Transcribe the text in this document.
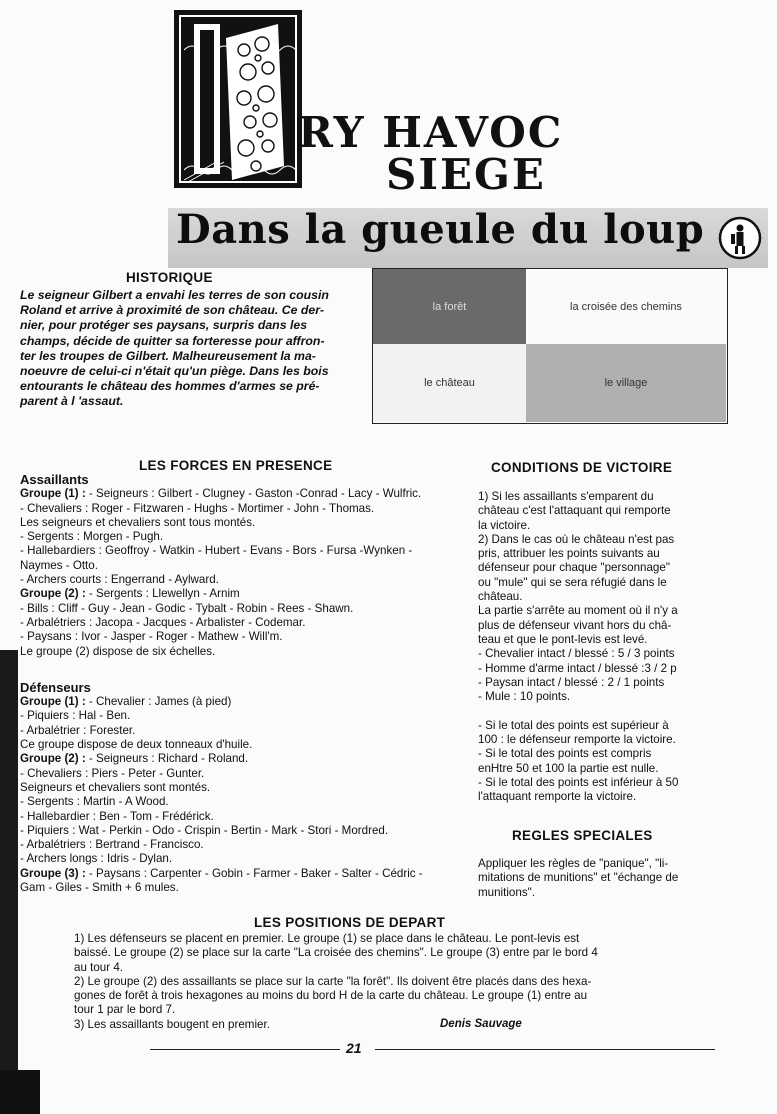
RY HAVOC
SIEGE
Dans la gueule du loup
HISTORIQUE
Le seigneur Gilbert a envahi les terres de son cousin
Roland et arrive à proximité de son château. Ce der-
nier, pour protéger ses paysans, surpris dans les
champs, décide de quitter sa forteresse pour affron-
ter les troupes de Gilbert. Malheureusement la ma-
noeuvre de celui-ci n'était qu'un piège. Dans les bois
entourants le château des hommes d'armes se pré-
parent à l 'assaut.
la forêt	la croisée des chemins
le château	le village
LES FORCES EN PRESENCE
Assaillants
Groupe (1) : - Seigneurs : Gilbert - Clugney - Gaston -Conrad - Lacy - Wulfric.
- Chevaliers : Roger - Fitzwaren - Hughs - Mortimer - John - Thomas.
Les seigneurs et chevaliers sont tous montés.
- Sergents : Morgen - Pugh.
- Hallebardiers : Geoffroy - Watkin - Hubert - Evans - Bors - Fursa -Wynken -
Naymes - Otto.
- Archers courts : Engerrand - Aylward.
Groupe (2) : - Sergents : Llewellyn - Arnim
- Bills : Cliff - Guy - Jean - Godic - Tybalt - Robin - Rees - Shawn.
- Arbalétriers : Jacopa - Jacques - Arbalister - Codemar.
- Paysans : Ivor - Jasper - Roger - Mathew - Will'm.
Le groupe (2) dispose de six échelles.
Défenseurs
Groupe (1) : - Chevalier : James (à pied)
- Piquiers : Hal - Ben.
- Arbalétrier : Forester.
Ce groupe dispose de deux tonneaux d'huile.
Groupe (2) : - Seigneurs : Richard - Roland.
- Chevaliers : Piers - Peter - Gunter.
Seigneurs et chevaliers sont montés.
- Sergents : Martin - A Wood.
- Hallebardier : Ben - Tom - Frédérick.
- Piquiers : Wat - Perkin - Odo - Crispin - Bertin - Mark - Stori - Mordred.
- Arbalétriers : Bertrand - Francisco.
- Archers longs : Idris - Dylan.
Groupe (3) : - Paysans : Carpenter - Gobin - Farmer - Baker - Salter - Cédric -
Gam - Giles - Smith + 6 mules.
CONDITIONS DE VICTOIRE
1) Si les assaillants s'emparent du
château c'est l'attaquant qui remporte
la victoire.
2) Dans le cas où le château n'est pas
pris, attribuer les points suivants au
défenseur pour chaque "personnage"
ou "mule" qui se sera réfugié dans le
château.
La partie s'arrête au moment où il n'y a
plus de défenseur vivant hors du châ-
teau et que le pont-levis est levé.
- Chevalier intact / blessé : 5 / 3 points
- Homme d'arme intact / blessé :3 / 2 p
- Paysan intact / blessé : 2 / 1 points
- Mule : 10 points.

- Si le total des points est supérieur à
100 : le défenseur remporte la victoire.
- Si le total des points est compris
enHtre 50 et 100 la partie est nulle.
- Si le total des points est inférieur à 50
l'attaquant remporte la victoire.
REGLES SPECIALES
Appliquer les règles de "panique", "li-
mitations de munitions" et "échange de
munitions".
LES POSITIONS DE DEPART
1) Les défenseurs se placent en premier. Le groupe (1) se place dans le château. Le pont-levis est
baissé. Le groupe (2) se place sur la carte "La croisée des chemins". Le groupe (3) entre par le bord 4
au tour 4.
2) Le groupe (2) des assaillants se place sur la carte "la forêt". Ils doivent être placés dans des hexa-
gones de forêt à trois hexagones au moins du bord H de la carte du château. Le groupe (1) entre au
tour 1 par le bord 7.
3) Les assaillants bougent en premier.	Denis Sauvage
21
